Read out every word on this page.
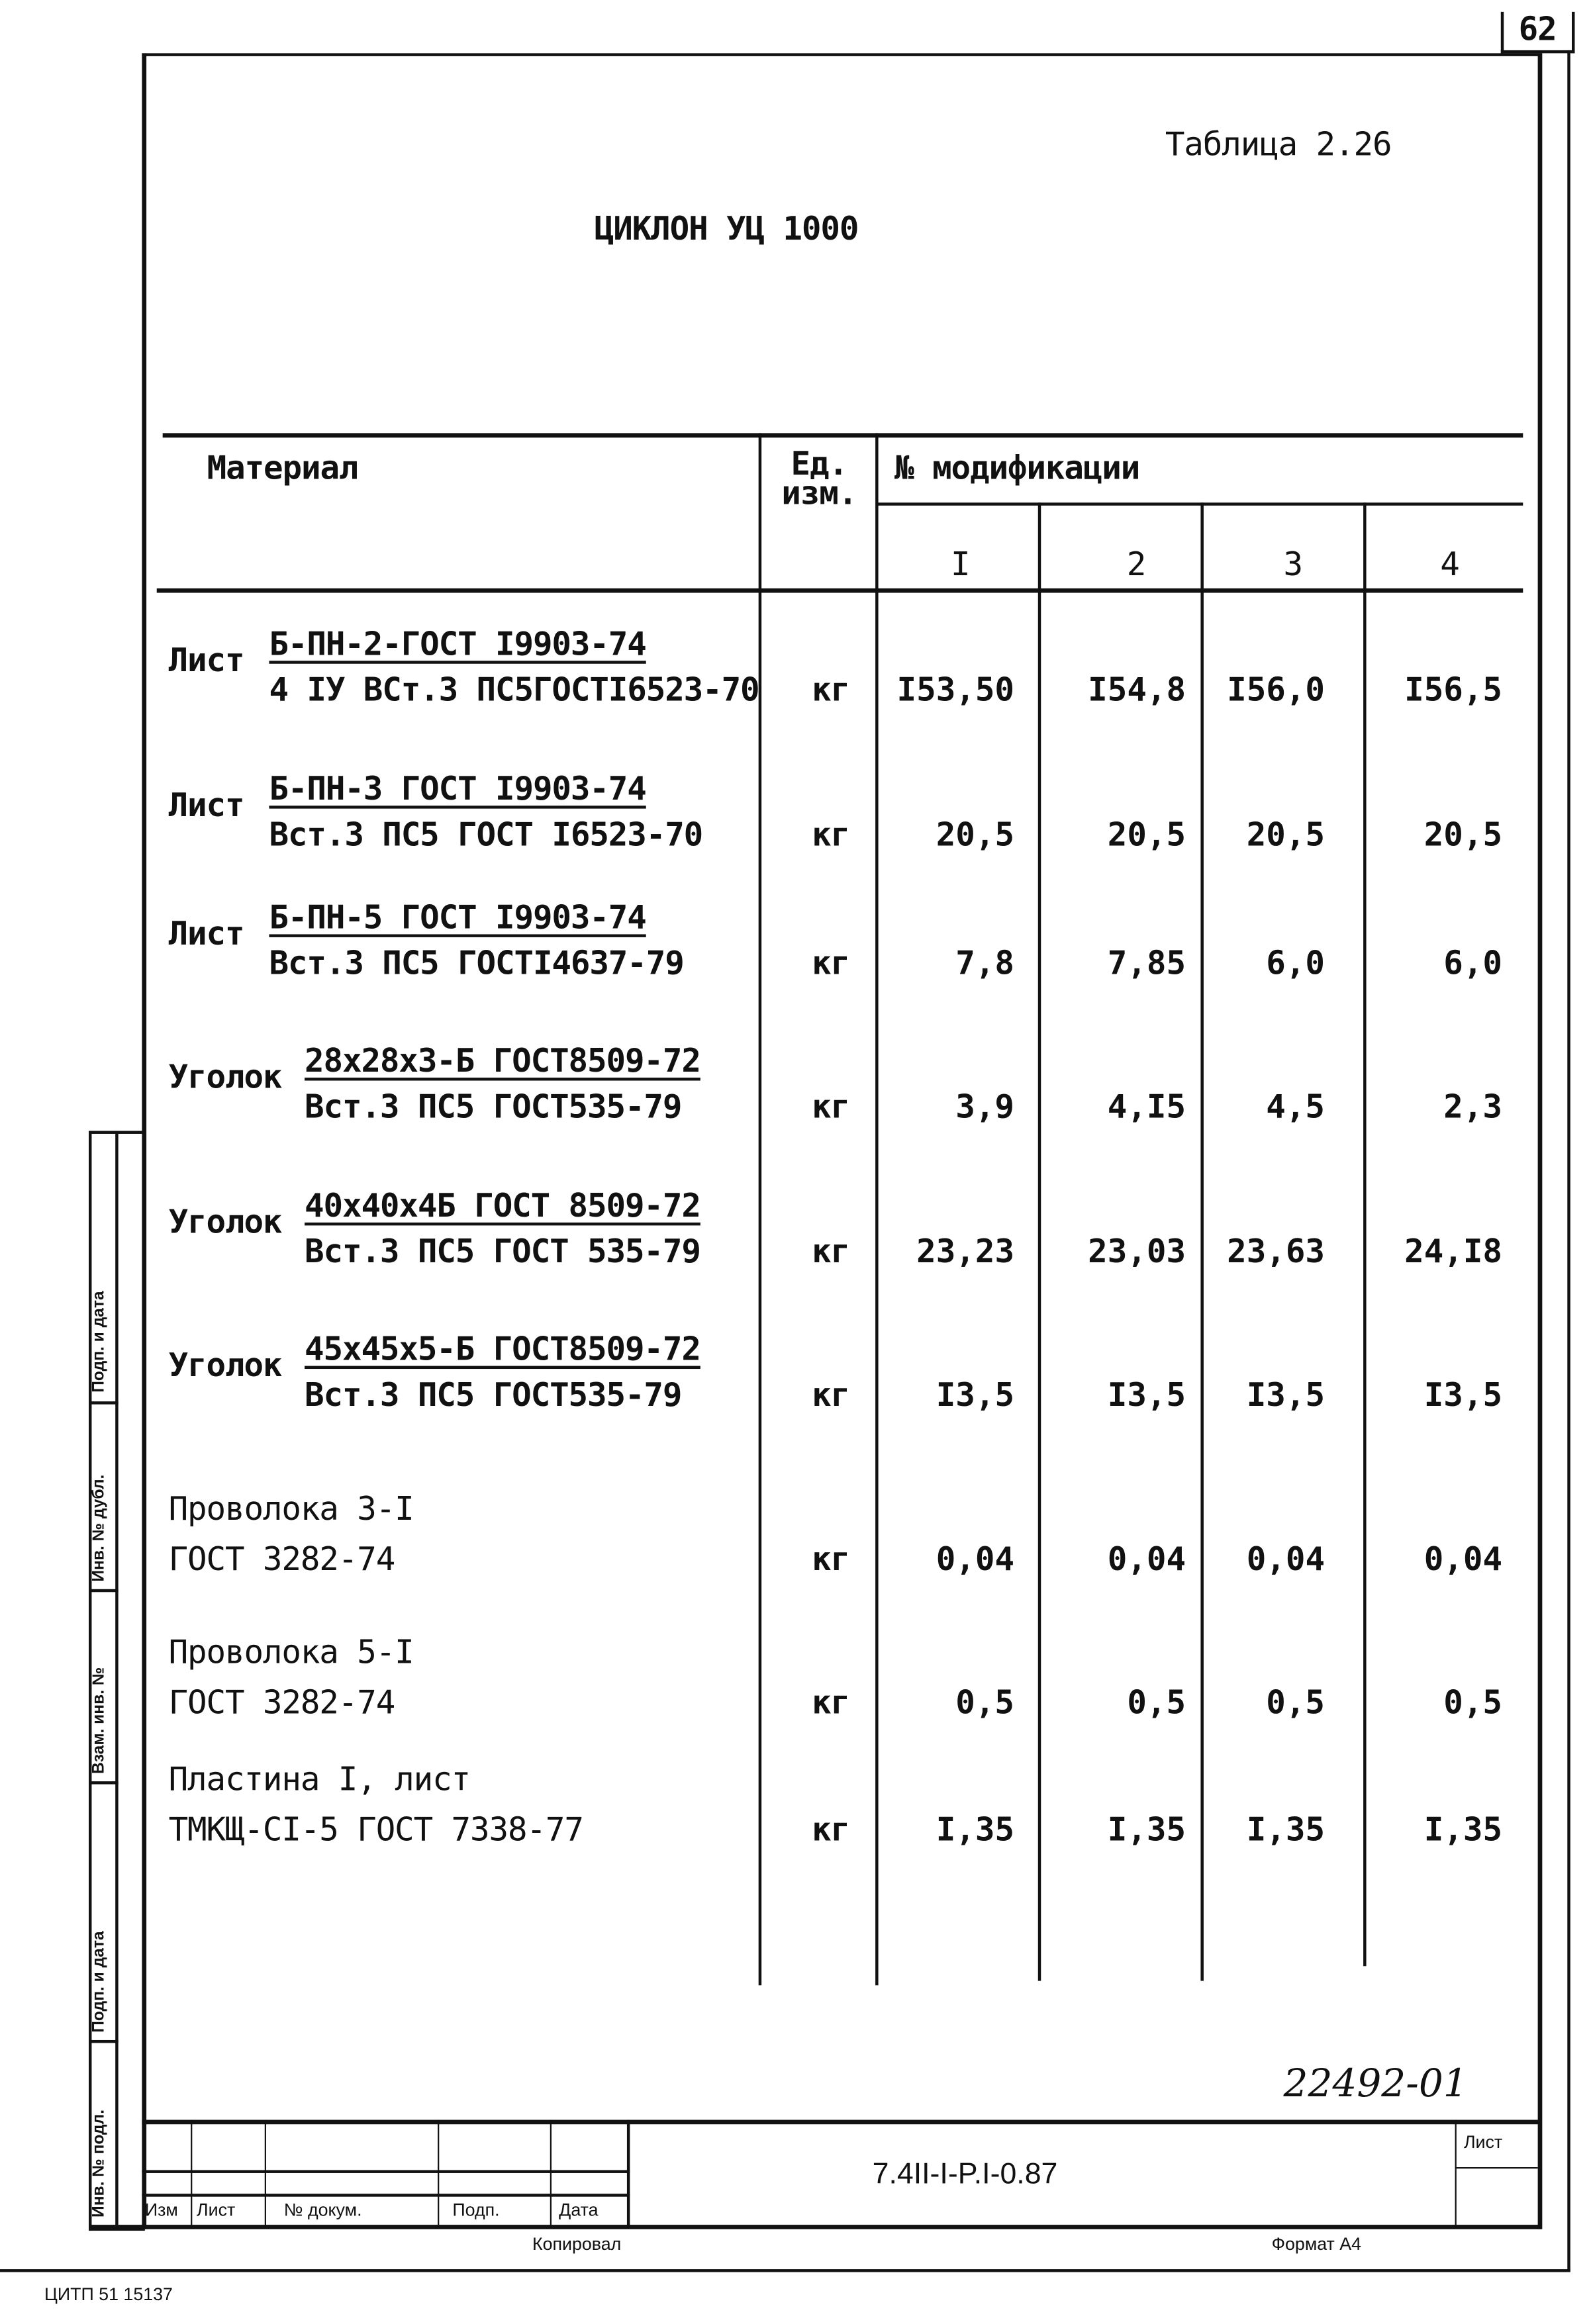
62
Таблица 2.26
ЦИКЛОН УЦ 1000
Материал	Ед. изм.
№ модификации
I	2	3	4
Лист Б-ПН-2-ГОСТ I9903-74
4 IУ ВСт.3 ПС5ГОСТI6523-70	кг	I53,50	I54,8	I56,0	I56,5
Лист Б-ПН-3 ГОСТ I9903-74
Вст.3 ПС5 ГОСТ I6523-70	кг	20,5	20,5	20,5	20,5
Лист Б-ПН-5 ГОСТ I9903-74
Вст.3 ПС5 ГОСТI4637-79	кг	7,8	7,85	6,0	6,0
Уголок 28x28x3-Б ГОСТ8509-72
Вст.3 ПС5 ГОСТ535-79	кг	3,9	4,I5	4,5	2,3
Уголок 40x40x4Б ГОСТ 8509-72
Вст.3 ПС5 ГОСТ 535-79	кг	23,23	23,03	23,63	24,I8
Уголок 45x45x5-Б ГОСТ8509-72
Вст.3 ПС5 ГОСТ535-79	кг	I3,5	I3,5	I3,5	I3,5
Проволока 3-I
ГОСТ 3282-74	кг	0,04	0,04	0,04	0,04
Проволока 5-I
ГОСТ 3282-74	кг	0,5	0,5	0,5	0,5
Пластина I, лист
ТМКЩ-СI-5 ГОСТ 7338-77	кг	I,35	I,35	I,35	I,35
Инв. № подл.
Подп. и дата
Взам. инв. №
Инв. № дубл.
Подп. и дата
22492-01
7.4II-I-P.I-0.87
Лист
Изм Лист	№ докум.	Подп.	Дата
Копировал	Формат А4
ЦИТП 51 15137
